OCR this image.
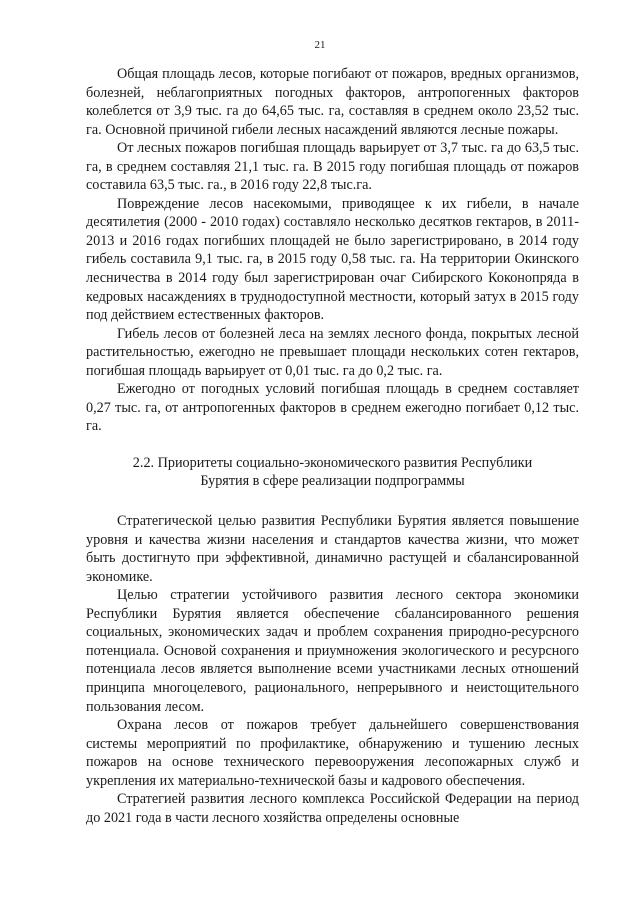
21

Общая площадь лесов, которые погибают от пожаров, вредных организмов, болезней, неблагоприятных погодных факторов, антропогенных факторов колеблется от 3,9 тыс. га до 64,65 тыс. га, составляя в среднем около 23,52 тыс. га. Основной причиной гибели лесных насаждений являются лесные пожары.

От лесных пожаров погибшая площадь варьирует от 3,7 тыс. га до 63,5 тыс. га, в среднем составляя 21,1 тыс. га. В 2015 году погибшая площадь от пожаров составила 63,5 тыс. га., в 2016 году 22,8 тыс.га.

Повреждение лесов насекомыми, приводящее к их гибели, в начале десятилетия (2000 - 2010 годах) составляло несколько десятков гектаров, в 2011-2013 и 2016 годах погибших площадей не было зарегистрировано, в 2014 году гибель составила 9,1 тыс. га, в 2015 году 0,58 тыс. га. На территории Окинского лесничества в 2014 году был зарегистрирован очаг Сибирского Коконопряда в кедровых насаждениях в труднодоступной местности, который затух в 2015 году под действием естественных факторов.

Гибель лесов от болезней леса на землях лесного фонда, покрытых лесной растительностью, ежегодно не превышает площади нескольких сотен гектаров, погибшая площадь варьирует от 0,01 тыс. га до 0,2 тыс. га.

Ежегодно от погодных условий погибшая площадь в среднем составляет 0,27 тыс. га, от антропогенных факторов в среднем ежегодно погибает 0,12 тыс. га.

2.2. Приоритеты социально-экономического развития Республики
Бурятия в сфере реализации подпрограммы

Стратегической целью развития Республики Бурятия является повышение уровня и качества жизни населения и стандартов качества жизни, что может быть достигнуто при эффективной, динамично растущей и сбалансированной экономике.

Целью стратегии устойчивого развития лесного сектора экономики Республики Бурятия является обеспечение сбалансированного решения социальных, экономических задач и проблем сохранения природно-ресурсного потенциала. Основой сохранения и приумножения экологического и ресурсного потенциала лесов является выполнение всеми участниками лесных отношений принципа многоцелевого, рационального, непрерывного и неистощительного пользования лесом.

Охрана лесов от пожаров требует дальнейшего совершенствования системы мероприятий по профилактике, обнаружению и тушению лесных пожаров на основе технического перевооружения лесопожарных служб и укрепления их материально-технической базы и кадрового обеспечения.

Стратегией развития лесного комплекса Российской Федерации на период до 2021 года в части лесного хозяйства определены основные
